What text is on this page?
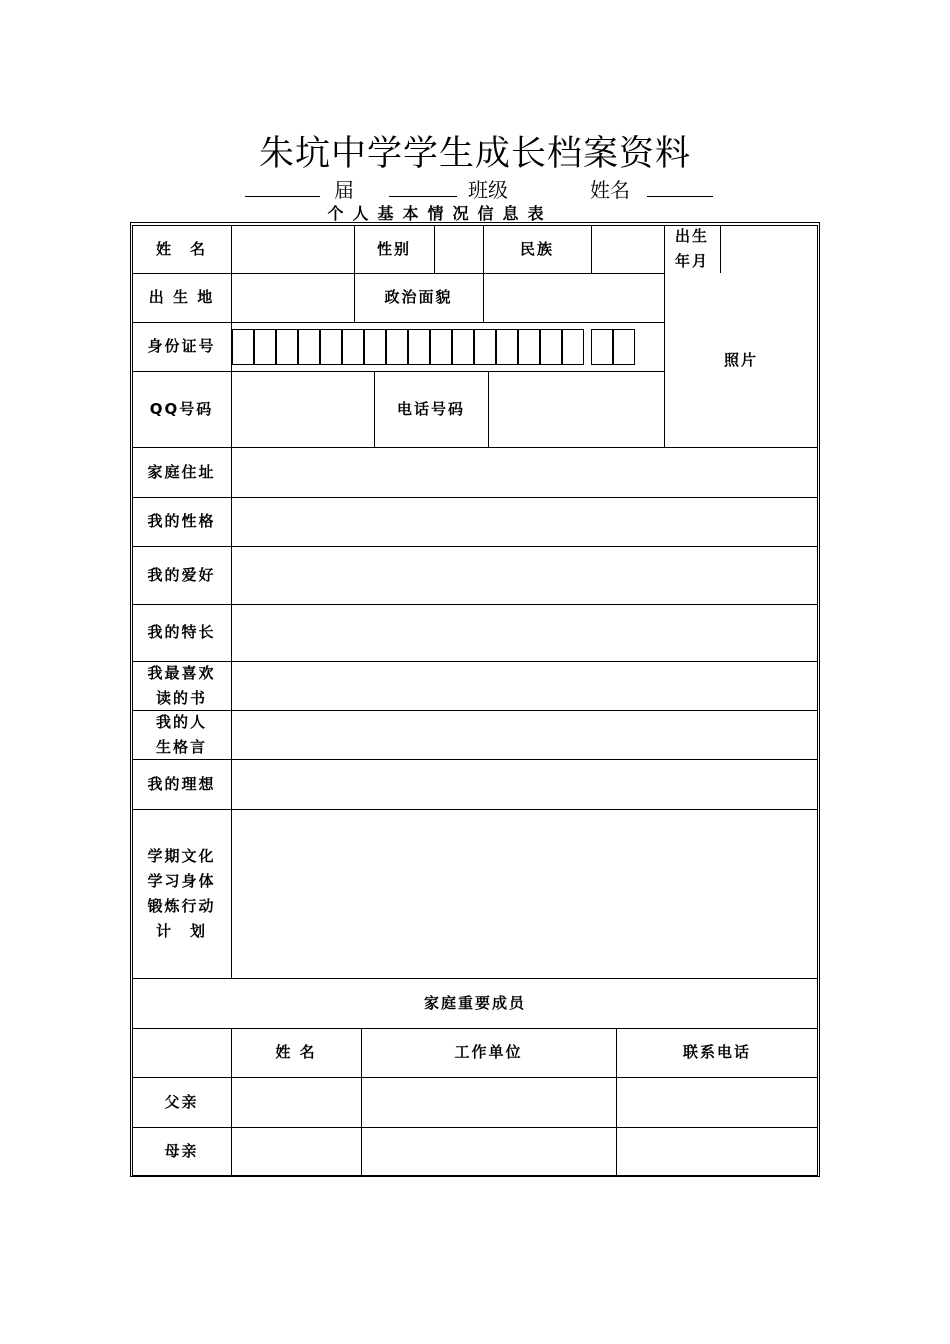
朱坑中学学生成长档案资料
届	班级	姓名
个人基本情况信息表
姓　名	性别	民族
出生
年月
出 生 地	政治面貌
照片
身份证号
QQ号码	电话号码
家庭住址
我的性格
我的爱好
我的特长
我最喜欢
读的书
我的人
生格言
我的理想
学期文化
学习身体
锻炼行动
计　划
家庭重要成员
姓 名	工作单位	联系电话
父亲
母亲
